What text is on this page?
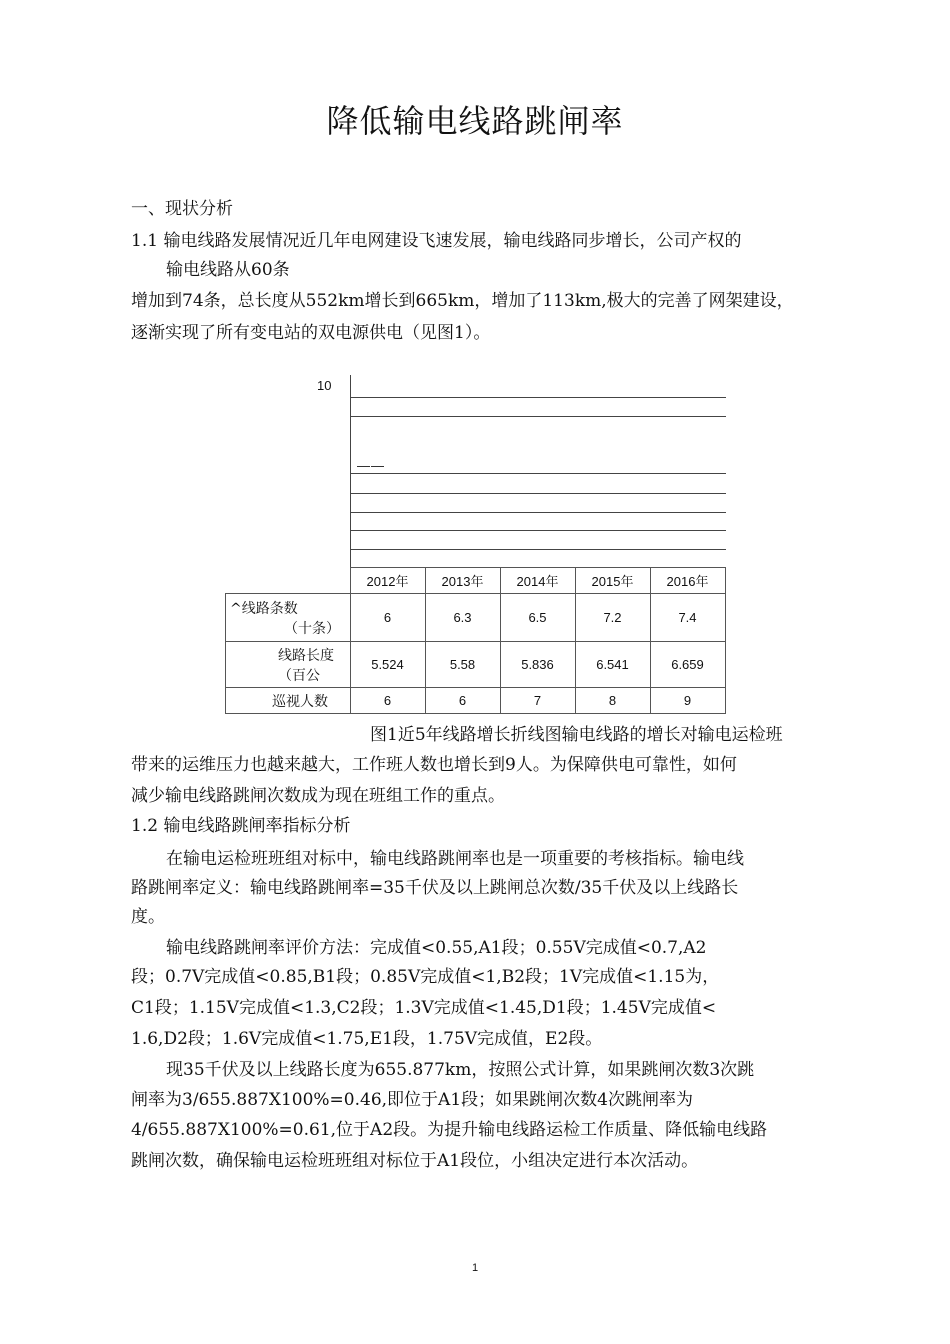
降低输电线路跳闸率
一、现状分析
1.1 输电线路发展情况近几年电网建设飞速发展，输电线路同步增长，公司产权的
输电线路从60条
增加到74条，总长度从552km增长到665km，增加了113km,极大的完善了网架建设，
逐渐实现了所有变电站的双电源供电（见图1）。
10
——
	2012年	2013年	2014年	2015年	2016年

^线路条数
（十条）	6	6.3	6.5	7.2	7.4

线路长度
（百公	5.524	5.58	5.836	6.541	6.659

巡视人数	6	6	7	8	9
图1近5年线路增长折线图输电线路的增长对输电运检班
带来的运维压力也越来越大，工作班人数也增长到9人。为保障供电可靠性，如何
减少输电线路跳闸次数成为现在班组工作的重点。
1.2 输电线路跳闸率指标分析
在输电运检班班组对标中，输电线路跳闸率也是一项重要的考核指标。输电线
路跳闸率定义：输电线路跳闸率=35千伏及以上跳闸总次数/35千伏及以上线路长
度。
输电线路跳闸率评价方法：完成值<0.55,A1段；0.55V完成值<0.7,A2
段；0.7V完成值<0.85,B1段；0.85V完成值<1,B2段；1V完成值<1.15为，
C1段；1.15V完成值<1.3,C2段；1.3V完成值<1.45,D1段；1.45V完成值<
1.6,D2段；1.6V完成值<1.75,E1段，1.75V完成值，E2段。
现35千伏及以上线路长度为655.877km，按照公式计算，如果跳闸次数3次跳
闸率为3/655.887X100%=0.46,即位于A1段；如果跳闸次数4次跳闸率为
4/655.887X100%=0.61,位于A2段。为提升输电线路运检工作质量、降低输电线路
跳闸次数，确保输电运检班班组对标位于A1段位，小组决定进行本次活动。
1
